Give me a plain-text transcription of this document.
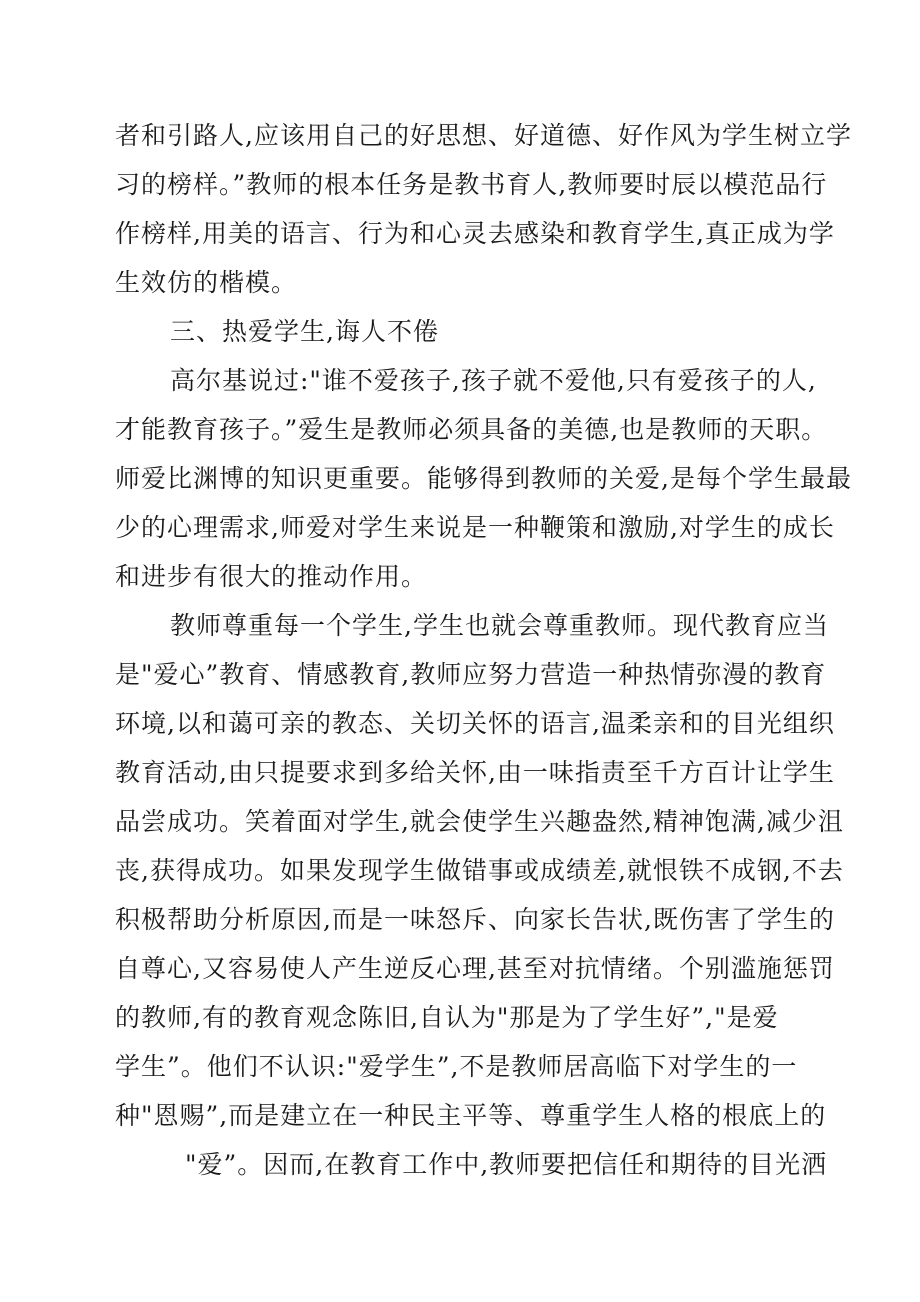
者和引路人,应该用自己的好思想、好道德、好作风为学生树立学
习的榜样。”教师的根本任务是教书育人,教师要时辰以模范品行
作榜样,用美的语言、行为和心灵去感染和教育学生,真正成为学
生效仿的楷模。
三、热爱学生,诲人不倦
高尔基说过:"谁不爱孩子,孩子就不爱他,只有爱孩子的人,
才能教育孩子。”爱生是教师必须具备的美德,也是教师的天职。
师爱比渊博的知识更重要。能够得到教师的关爱,是每个学生最最
少的心理需求,师爱对学生来说是一种鞭策和激励,对学生的成长
和进步有很大的推动作用。
教师尊重每一个学生,学生也就会尊重教师。现代教育应当
是"爱心”教育、情感教育,教师应努力营造一种热情弥漫的教育
环境,以和蔼可亲的教态、关切关怀的语言,温柔亲和的目光组织
教育活动,由只提要求到多给关怀,由一味指责至千方百计让学生
品尝成功。笑着面对学生,就会使学生兴趣盎然,精神饱满,减少沮
丧,获得成功。如果发现学生做错事或成绩差,就恨铁不成钢,不去
积极帮助分析原因,而是一味怒斥、向家长告状,既伤害了学生的
自尊心,又容易使人产生逆反心理,甚至对抗情绪。个别滥施惩罚
的教师,有的教育观念陈旧,自认为"那是为了学生好”,"是爱
学生”。他们不认识:"爱学生”,不是教师居高临下对学生的一
种"恩赐”,而是建立在一种民主平等、尊重学生人格的根底上的
"爱”。因而,在教育工作中,教师要把信任和期待的目光洒
